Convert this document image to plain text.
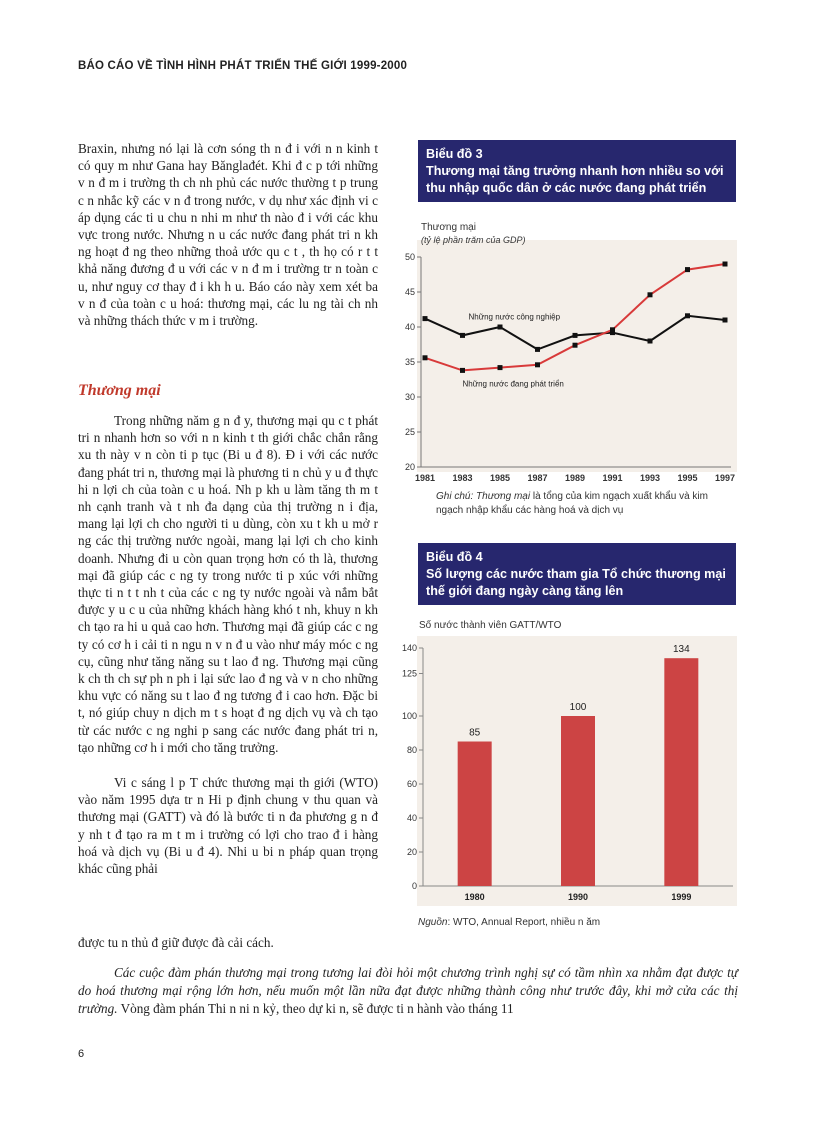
BÁO CÁO VỀ TÌNH HÌNH PHÁT TRIỂN THẾ GIỚI 1999-2000

Braxin, nhưng nó lại là cơn sóng th n đ i với n n kinh t có quy m như Gana hay Bănglađét. Khi đ c p tới những v n đ m i trường th ch nh phủ các nước thường t p trung c n nhắc kỹ các v n đ trong nước, v dụ như xác định vi c áp dụng các ti u chu n nhi m như th nào đ i với các khu vực trong nước. Nhưng n u các nước đang phát tri n kh ng hoạt đ ng theo những thoả ước qu c t , th họ có r t t khả năng đương đ u với các v n đ m i trường tr n toàn c u, như nguy cơ thay đ i kh h u. Báo cáo này xem xét ba v n đ của toàn c u hoá: thương mại, các lu ng tài ch nh và những thách thức v m i trường.

Thương mại

Trong những năm g n đ y, thương mại qu c t phát tri n nhanh hơn so với n n kinh t th giới chắc chắn rằng xu th này v n còn ti p tục (Bi u đ 8). Đ i với các nước đang phát tri n, thương mại là phương ti n chủ y u đ thực hi n lợi ch của toàn c u hoá. Nh p kh u làm tăng th m t nh cạnh tranh và t nh đa dạng của thị trường n i địa, mang lại lợi ch cho người ti u dùng, còn xu t kh u mở r ng các thị trường nước ngoài, mang lại lợi ch cho kinh doanh. Nhưng đi u còn quan trọng hơn có th là, thương mại đã giúp các c ng ty trong nước ti p xúc với những thực ti n t t nh t của các c ng ty nước ngoài và nắm bắt được y u c u của những khách hàng khó t nh, khuy n kh ch tạo ra hi u quả cao hơn. Thương mại đã giúp các c ng ty có cơ h i cải ti n ngu n v n đ u vào như máy móc c ng cụ, cũng như tăng năng su t lao đ ng. Thương mại cũng k ch th ch sự ph n ph i lại sức lao đ ng và v n cho những khu vực có năng su t lao đ ng tương đ i cao hơn. Đặc bi t, nó giúp chuy n dịch m t s hoạt đ ng dịch vụ và ch tạo từ các nước c ng nghi p sang các nước đang phát tri n, tạo những cơ h i mới cho tăng trưởng.

Vi c sáng l p T chức thương mại th giới (WTO) vào năm 1995 dựa tr n Hi p định chung v thu quan và thương mại (GATT) và đó là bước ti n đa phương g n đ y nh t đ tạo ra m t m i trường có lợi cho trao đ i hàng hoá và dịch vụ (Bi u đ 4). Nhi u bi n pháp quan trọng khác cũng phải

được tu n thủ đ giữ được đà cải cách.
Biểu đồ 3
Thương mại tăng trưởng nhanh hơn nhiều so với thu nhập quốc dân ở các nước đang phát triển
Thương mại
(tỷ lệ phần trăm của GDP)
20
25
30
35
40
45
50
1981 1983 1985 1987 1989 1991 1993 1995 1997
Những nước công nghiệp
Những nước đang phát triển
Ghi chú: Thương mại là tổng của kim ngạch xuất khẩu và kim ngạch nhập khẩu các hàng hoá và dịch vụ
Biểu đồ 4
Số lượng các nước tham gia Tổ chức thương mại thế giới đang ngày càng tăng lên
Số nước thành viên GATT/WTO
0
20
40
60
80
100
125
140
85
1980
100
1990
134
1999
Nguồn: WTO, Annual Report, nhiều n ăm
Các cuộc đàm phán thương mại trong tương lai đòi hỏi một chương trình nghị sự có tầm nhìn xa nhằm đạt được tự do hoá thương mại rộng lớn hơn, nếu muốn một lần nữa đạt được những thành công như trước đây, khi mở cửa các thị trường. Vòng đàm phán Thi n ni n kỷ, theo dự ki n, sẽ được ti n hành vào tháng 11
6
